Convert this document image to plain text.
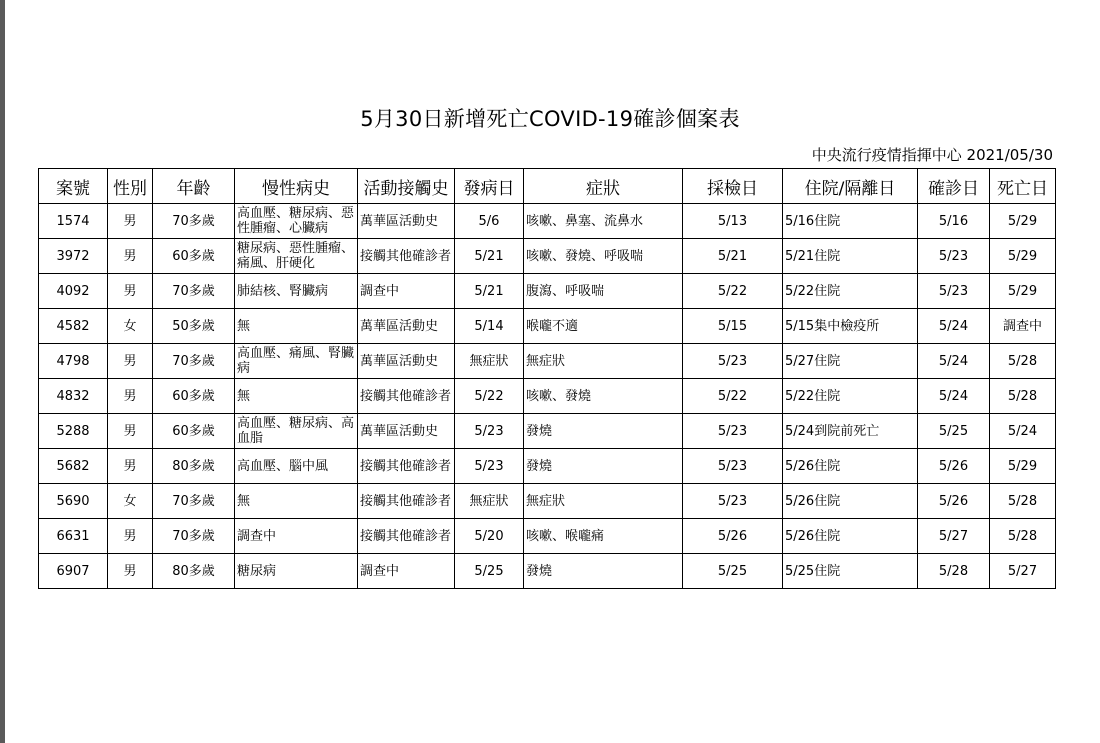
5月30日新增死亡COVID-19確診個案表
中央流行疫情指揮中心 2021/05/30
案號	性別	年齡	慢性病史	活動接觸史	發病日	症狀	採檢日	住院/隔離日	確診日	死亡日
1574	男	70多歲	高血壓、糖尿病、惡性腫瘤、心臟病	萬華區活動史	5/6	咳嗽、鼻塞、流鼻水	5/13	5/16住院	5/16	5/29
3972	男	60多歲	糖尿病、惡性腫瘤、痛風、肝硬化	接觸其他確診者	5/21	咳嗽、發燒、呼吸喘	5/21	5/21住院	5/23	5/29
4092	男	70多歲	肺結核、腎臟病	調查中	5/21	腹瀉、呼吸喘	5/22	5/22住院	5/23	5/29
4582	女	50多歲	無	萬華區活動史	5/14	喉嚨不適	5/15	5/15集中檢疫所	5/24	調查中
4798	男	70多歲	高血壓、痛風、腎臟病	萬華區活動史	無症狀	無症狀	5/23	5/27住院	5/24	5/28
4832	男	60多歲	無	接觸其他確診者	5/22	咳嗽、發燒	5/22	5/22住院	5/24	5/28
5288	男	60多歲	高血壓、糖尿病、高血脂	萬華區活動史	5/23	發燒	5/23	5/24到院前死亡	5/25	5/24
5682	男	80多歲	高血壓、腦中風	接觸其他確診者	5/23	發燒	5/23	5/26住院	5/26	5/29
5690	女	70多歲	無	接觸其他確診者	無症狀	無症狀	5/23	5/26住院	5/26	5/28
6631	男	70多歲	調查中	接觸其他確診者	5/20	咳嗽、喉嚨痛	5/26	5/26住院	5/27	5/28
6907	男	80多歲	糖尿病	調查中	5/25	發燒	5/25	5/25住院	5/28	5/27
